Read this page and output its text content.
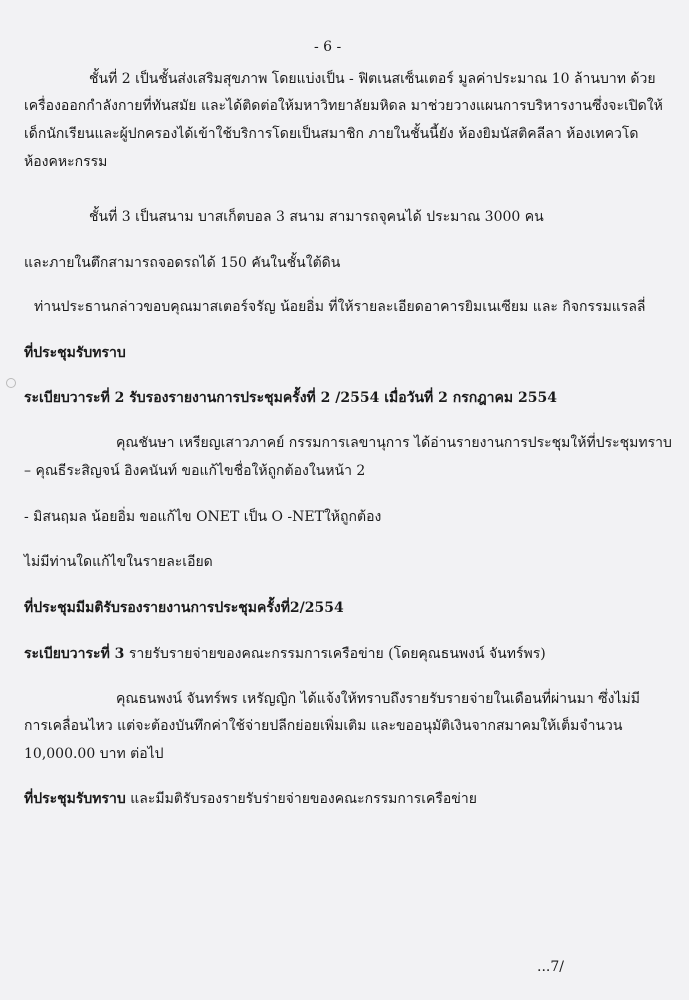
- 6 -
ชั้นที่ 2 เป็นชั้นส่งเสริมสุขภาพ โดยแบ่งเป็น - ฟิตเนสเซ็นเตอร์ มูลค่าประมาณ 10 ล้านบาท ด้วย
เครื่องออกกำลังกายที่ทันสมัย และได้ติดต่อให้มหาวิทยาลัยมหิดล มาช่วยวางแผนการบริหารงานซึ่งจะเปิดให้
เด็กนักเรียนและผู้ปกครองได้เข้าใช้บริการโดยเป็นสมาชิก ภายในชั้นนี้ยัง ห้องยิมนัสติคลีลา ห้องเทควโด
ห้องคหะกรรม
ชั้นที่ 3 เป็นสนาม บาสเก็ตบอล 3 สนาม สามารถจุคนได้ ประมาณ 3000 คน
และภายในตึกสามารถจอดรถได้ 150 คันในชั้นใต้ดิน
ท่านประธานกล่าวขอบคุณมาสเตอร์จรัญ น้อยอิ่ม ที่ให้รายละเอียดอาคารยิมเนเซียม และ กิจกรรมแรลลี่
ที่ประชุมรับทราบ
ระเบียบวาระที่ 2 รับรองรายงานการประชุมครั้งที่ 2 /2554 เมื่อวันที่ 2 กรกฎาคม 2554
คุณชันษา เหรียญเสาวภาคย์ กรรมการเลขานุการ ได้อ่านรายงานการประชุมให้ที่ประชุมทราบ
– คุณธีระสิญจน์ อิงคนันท์ ขอแก้ไขชื่อให้ถูกต้องในหน้า 2
- มิสนฤมล น้อยอิ่ม ขอแก้ไข ONET เป็น O -NETให้ถูกต้อง
ไม่มีท่านใดแก้ไขในรายละเอียด
ที่ประชุมมีมติรับรองรายงานการประชุมครั้งที่2/2554
ระเบียบวาระที่ 3 รายรับรายจ่ายของคณะกรรมการเครือข่าย (โดยคุณธนพงน์ จันทร์พร)
คุณธนพงน์ จันทร์พร เหรัญญิก ได้แจ้งให้ทราบถึงรายรับรายจ่ายในเดือนที่ผ่านมา ซึ่งไม่มี
การเคลื่อนไหว แต่จะต้องบันทึกค่าใช้จ่ายปลีกย่อยเพิ่มเติม และขออนุมัติเงินจากสมาคมให้เต็มจำนวน
10,000.00 บาท ต่อไป
ที่ประชุมรับทราบ และมีมติรับรองรายรับร่ายจ่ายของคณะกรรมการเครือข่าย
...7/
